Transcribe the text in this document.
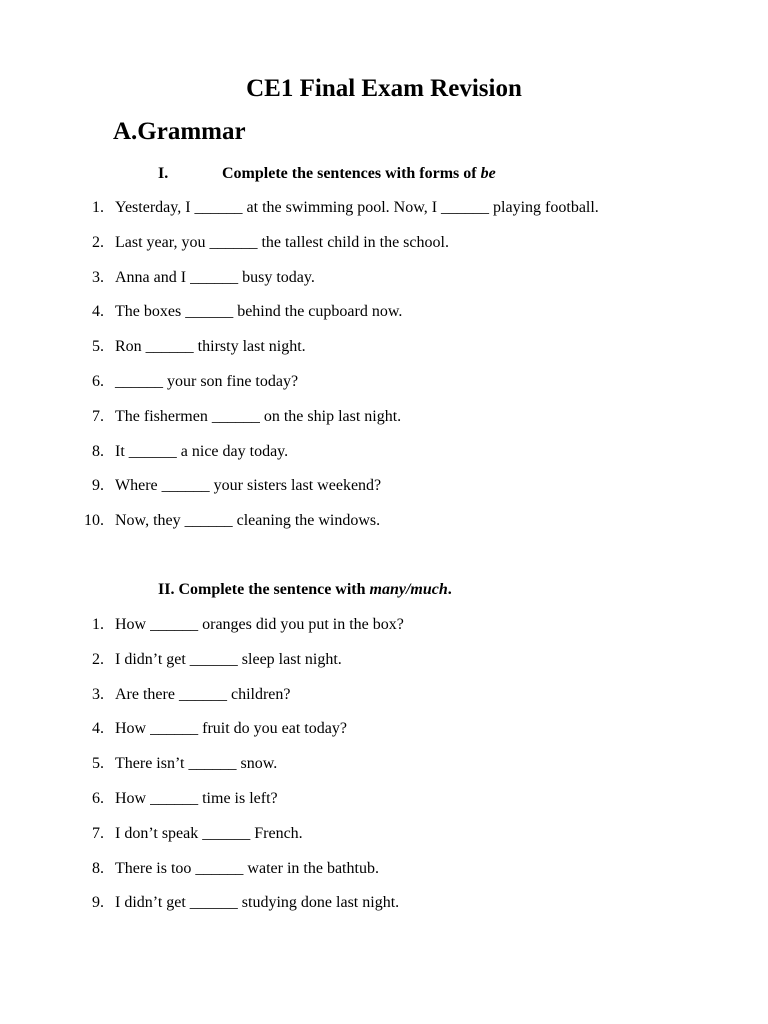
CE1 Final Exam Revision
A.Grammar
I.	Complete the sentences with forms of be
1. Yesterday, I ______ at the swimming pool. Now, I ______ playing football.
2. Last year, you ______ the tallest child in the school.
3. Anna and I ______ busy today.
4. The boxes ______ behind the cupboard now.
5. Ron ______ thirsty last night.
6. ______ your son fine today?
7. The fishermen ______ on the ship last night.
8. It ______ a nice day today.
9. Where ______ your sisters last weekend?
10. Now, they ______ cleaning the windows.
II. Complete the sentence with many/much.
1. How ______ oranges did you put in the box?
2. I didn’t get ______ sleep last night.
3. Are there ______ children?
4. How ______ fruit do you eat today?
5. There isn’t ______ snow.
6. How ______ time is left?
7. I don’t speak ______ French.
8. There is too ______ water in the bathtub.
9. I didn’t get ______ studying done last night.
